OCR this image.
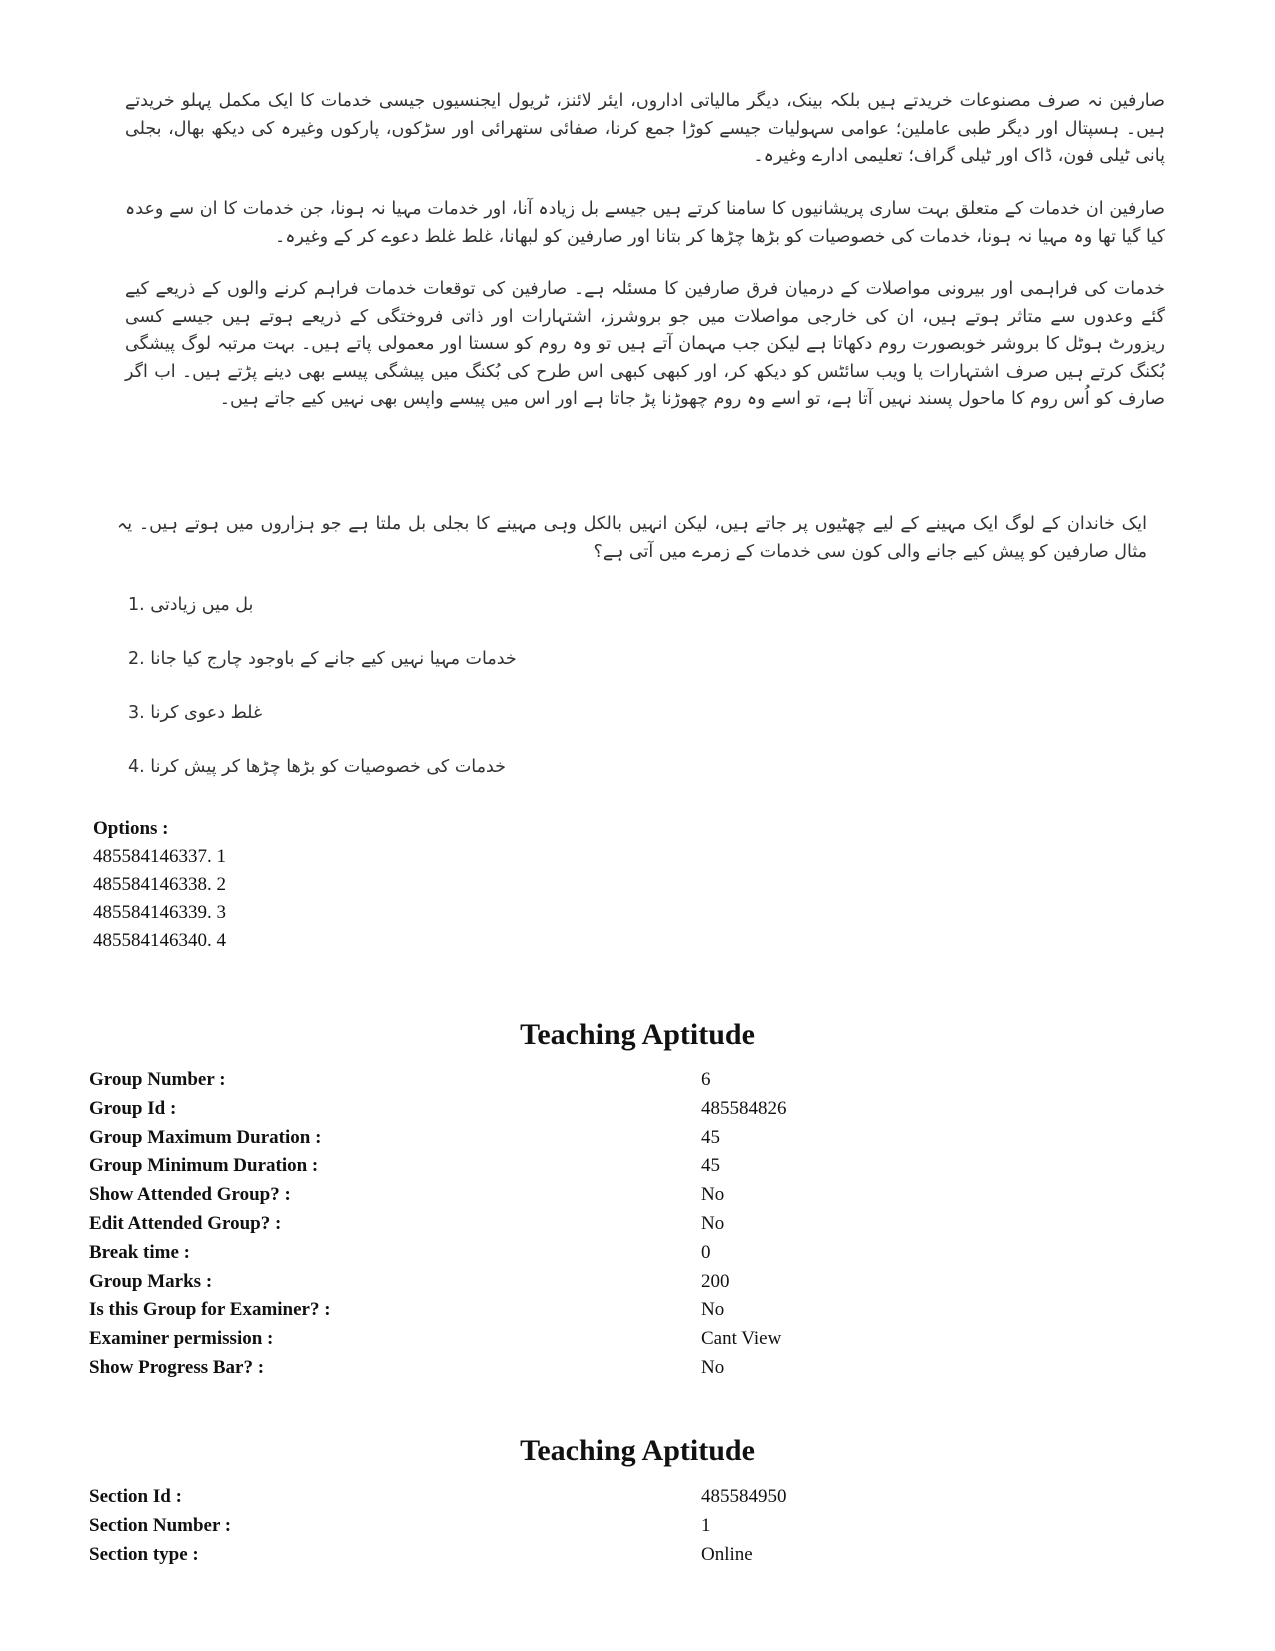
صارفین نہ صرف مصنوعات خریدتے ہیں بلکہ بینک، دیگر مالیاتی اداروں، ایئر لائنز، ٹریول ایجنسیوں جیسی خدمات کا ایک مکمل پہلو خریدتے ہیں۔ ہسپتال اور دیگر طبی عاملین؛ عوامی سہولیات جیسے کوڑا جمع کرنا، صفائی ستھرائی اور سڑکوں، پارکوں وغیرہ کی دیکھ بھال، بجلی پانی ٹیلی فون، ڈاک اور ٹیلی گراف؛ تعلیمی ادارے وغیرہ۔
صارفین ان خدمات کے متعلق بہت ساری پریشانیوں کا سامنا کرتے ہیں جیسے بل زیادہ آنا، اور خدمات مہیا نہ ہونا، جن خدمات کا ان سے وعدہ کیا گیا تھا وہ مہیا نہ ہونا، خدمات کی خصوصیات کو بڑھا چڑھا کر بتانا اور صارفین کو لبھانا، غلط غلط دعوے کر کے وغیرہ۔
خدمات کی فراہمی اور بیرونی مواصلات کے درمیان فرق صارفین کا مسئلہ ہے۔ صارفین کی توقعات خدمات فراہم کرنے والوں کے ذریعے کیے گئے وعدوں سے متاثر ہوتے ہیں، ان کی خارجی مواصلات میں جو بروشرز، اشتہارات اور ذاتی فروختگی کے ذریعے ہوتے ہیں جیسے کسی ریزورٹ ہوٹل کا بروشر خوبصورت روم دکھاتا ہے لیکن جب مہمان آتے ہیں تو وہ روم کو سستا اور معمولی پاتے ہیں۔ بہت مرتبہ لوگ پیشگی بُکنگ کرتے ہیں صرف اشتہارات یا ویب سائٹس کو دیکھ کر، اور کبھی کبھی اس طرح کی بُکنگ میں پیشگی پیسے بھی دینے پڑتے ہیں۔ اب اگر صارف کو اُس روم کا ماحول پسند نہیں آتا ہے، تو اسے وہ روم چھوڑنا پڑ جاتا ہے اور اس میں پیسے واپس بھی نہیں کیے جاتے ہیں۔
ایک خاندان کے لوگ ایک مہینے کے لیے چھٹیوں پر جاتے ہیں، لیکن انہیں بالکل وہی مہینے کا بجلی بل ملتا ہے جو ہزاروں میں ہوتے ہیں۔ یہ مثال صارفین کو پیش کیے جانے والی کون سی خدمات کے زمرے میں آتی ہے؟
1. بل میں زیادتی
2. خدمات مہیا نہیں کیے جانے کے باوجود چارج کیا جانا
3. غلط دعوی کرنا
4. خدمات کی خصوصیات کو بڑھا چڑھا کر پیش کرنا
Options :
485584146337. 1
485584146338. 2
485584146339. 3
485584146340. 4
Teaching Aptitude
Group Number :	6
Group Id :	485584826
Group Maximum Duration :	45
Group Minimum Duration :	45
Show Attended Group? :	No
Edit Attended Group? :	No
Break time :	0
Group Marks :	200
Is this Group for Examiner? :	No
Examiner permission :	Cant View
Show Progress Bar? :	No
Teaching Aptitude
Section Id :	485584950
Section Number :	1
Section type :	Online
